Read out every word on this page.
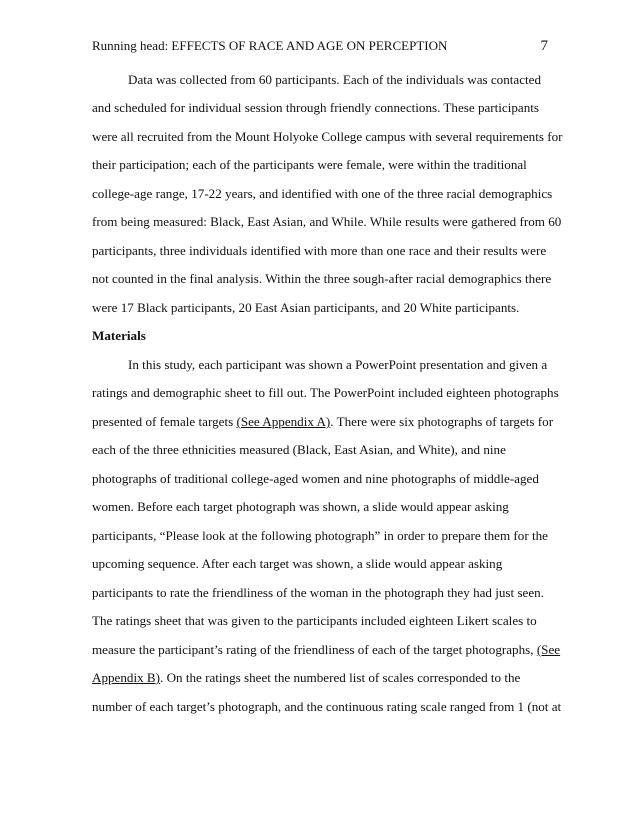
Running head: EFFECTS OF RACE AND AGE ON PERCEPTION	7
Data was collected from 60 participants. Each of the individuals was contacted
and scheduled for individual session through friendly connections. These participants
were all recruited from the Mount Holyoke College campus with several requirements for
their participation; each of the participants were female, were within the traditional
college-age range, 17-22 years, and identified with one of the three racial demographics
from being measured: Black, East Asian, and While. While results were gathered from 60
participants, three individuals identified with more than one race and their results were
not counted in the final analysis. Within the three sough-after racial demographics there
were 17 Black participants, 20 East Asian participants, and 20 White participants.
Materials
In this study, each participant was shown a PowerPoint presentation and given a
ratings and demographic sheet to fill out. The PowerPoint included eighteen photographs
presented of female targets (See Appendix A). There were six photographs of targets for
each of the three ethnicities measured (Black, East Asian, and White), and nine
photographs of traditional college-aged women and nine photographs of middle-aged
women. Before each target photograph was shown, a slide would appear asking
participants, “Please look at the following photograph” in order to prepare them for the
upcoming sequence. After each target was shown, a slide would appear asking
participants to rate the friendliness of the woman in the photograph they had just seen.
The ratings sheet that was given to the participants included eighteen Likert scales to
measure the participant’s rating of the friendliness of each of the target photographs, (See
Appendix B). On the ratings sheet the numbered list of scales corresponded to the
number of each target’s photograph, and the continuous rating scale ranged from 1 (not at
